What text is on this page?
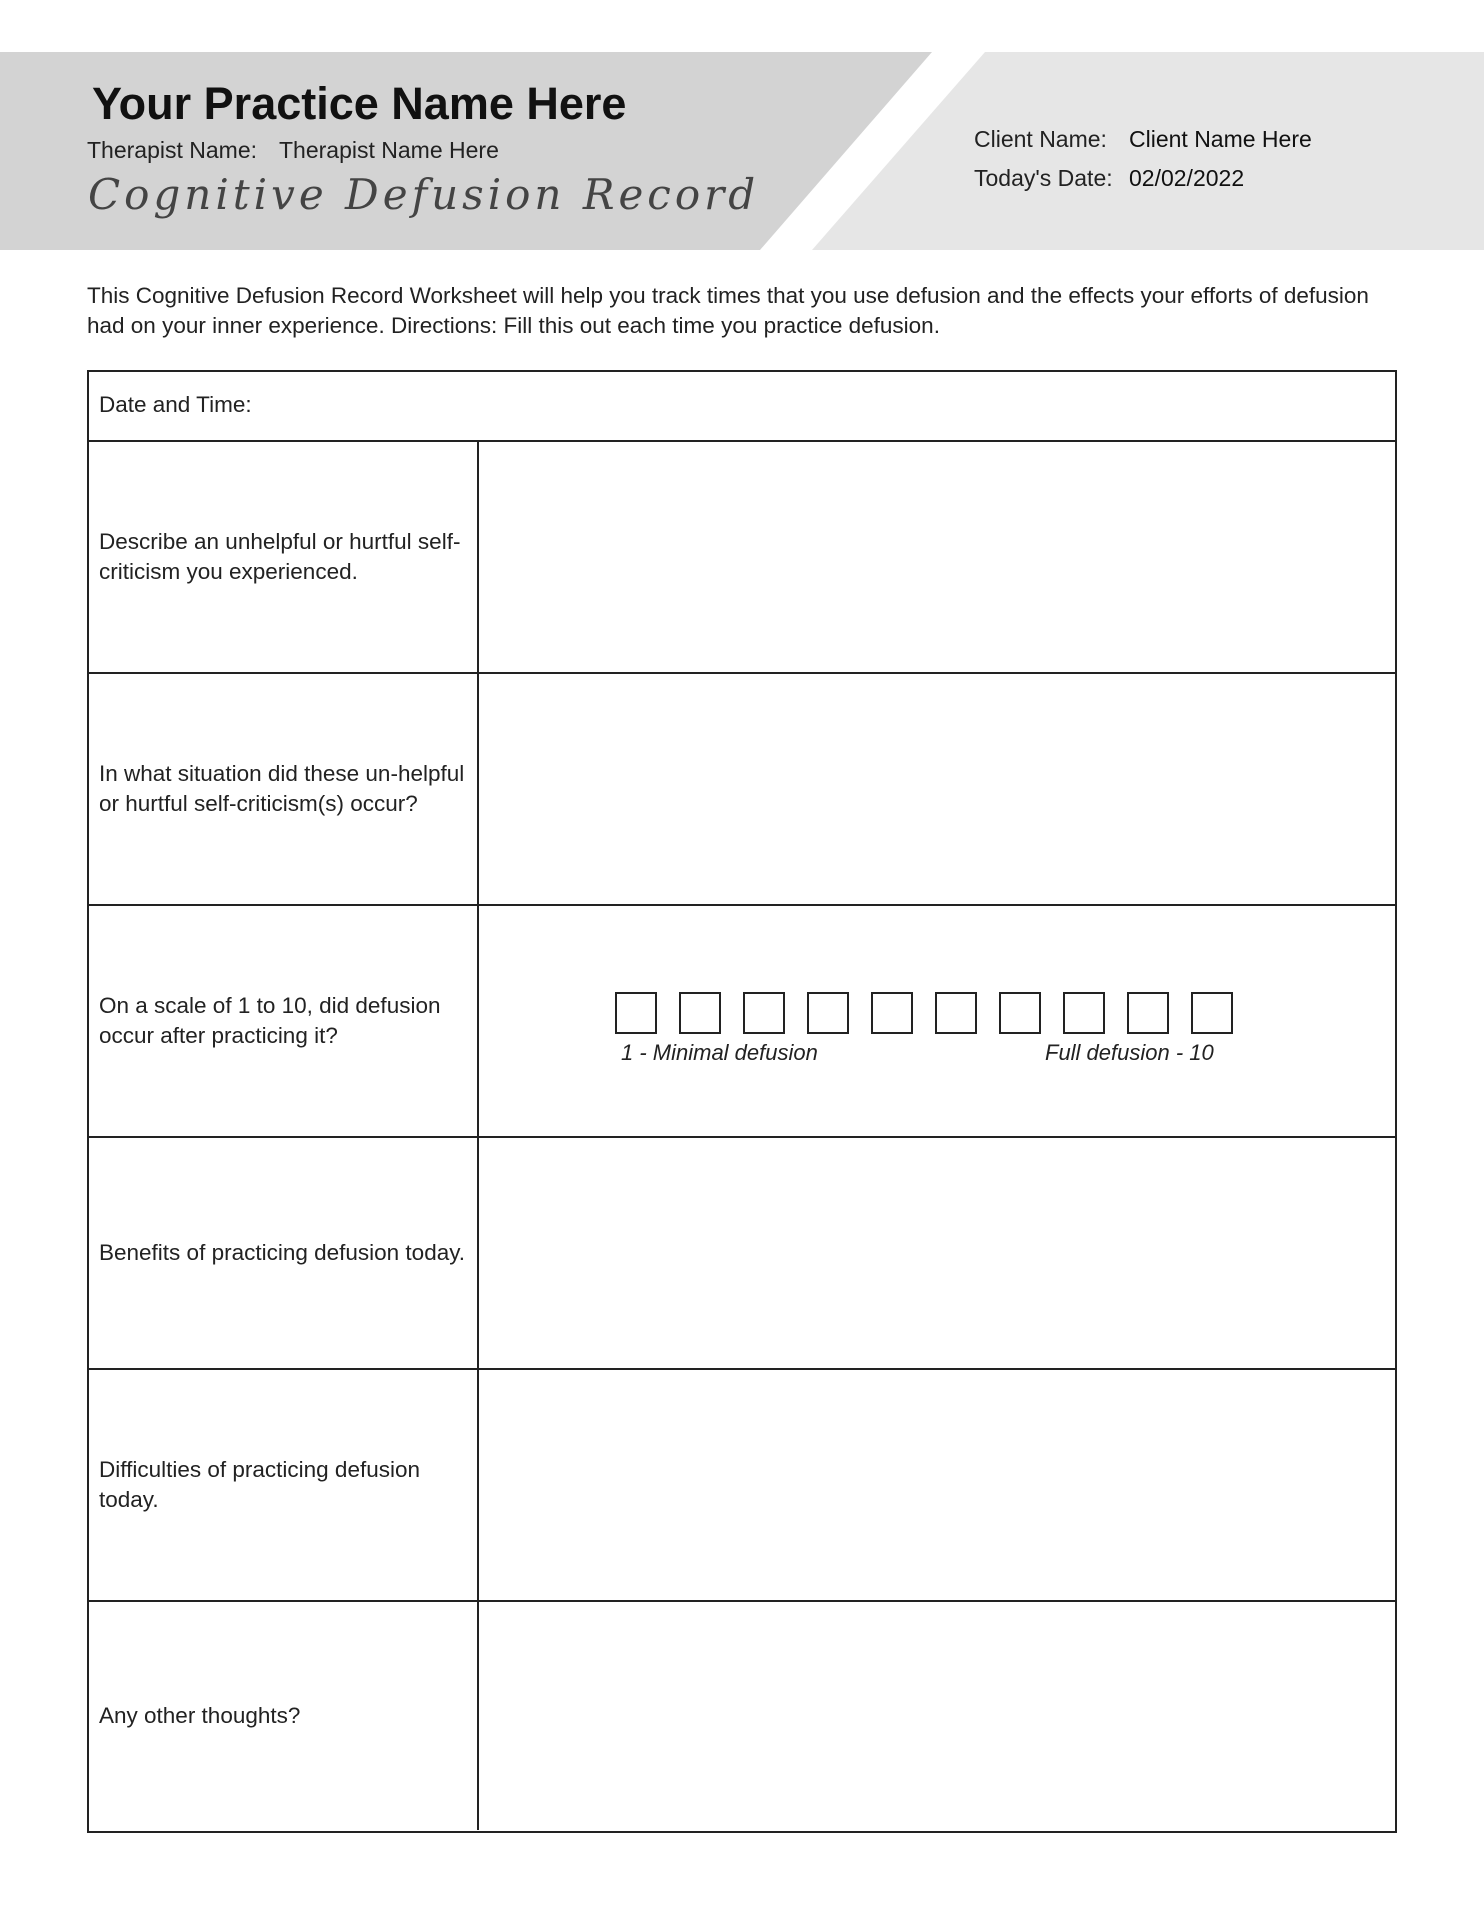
Your Practice Name Here
Therapist Name: Therapist Name Here
Cognitive Defusion Record
Client Name: Client Name Here
Today's Date: 02/02/2022
This Cognitive Defusion Record Worksheet will help you track times that you use defusion and the effects your efforts of defusion had on your inner experience. Directions: Fill this out each time you practice defusion.
Date and Time:
Describe an unhelpful or hurtful self-criticism you experienced.
In what situation did these un-helpful or hurtful self-criticism(s) occur?
On a scale of 1 to 10, did defusion occur after practicing it?
1 - Minimal defusion	Full defusion - 10
Benefits of practicing defusion today.
Difficulties of practicing defusion today.
Any other thoughts?
